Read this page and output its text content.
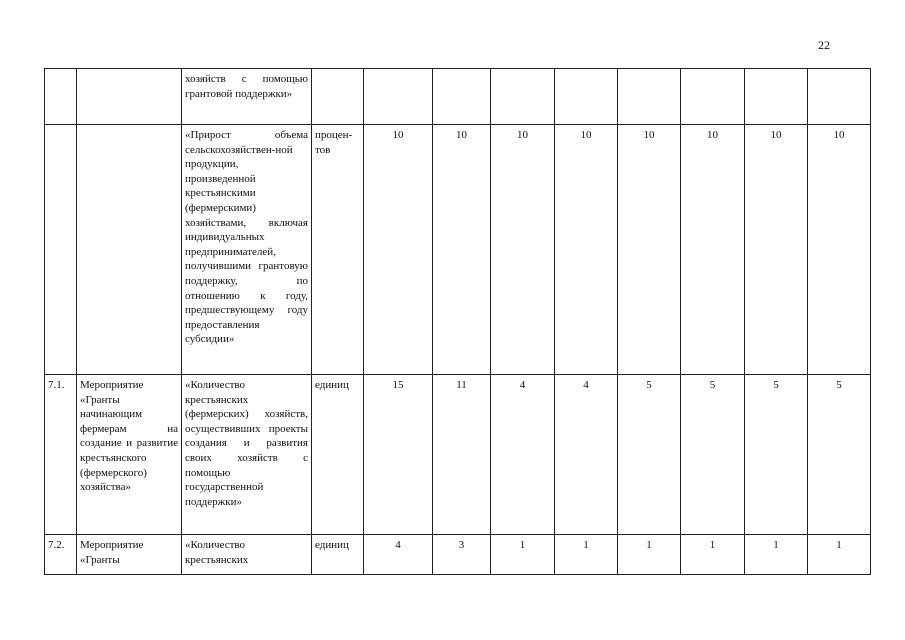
22
		хозяйств с помощью грантовой поддержки»									
		«Прирост объема сельскохозяйствен-ной продукции, произведенной крестьянскими (фермерскими) хозяйствами, включая индивидуальных предпринимателей, получившими грантовую поддержку, по отношению к году, предшествующему году предоставления субсидии»	процен-тов	10	10	10	10	10	10	10	10
7.1.	Мероприятие «Гранты начинающим фермерам на создание и развитие крестьянского (фермерского) хозяйства»	«Количество крестьянских (фермерских) хозяйств, осуществивших проекты создания и развития своих хозяйств с помощью государственной поддержки»	единиц	15	11	4	4	5	5	5	5
7.2.	Мероприятие «Гранты	«Количество крестьянских	единиц	4	3	1	1	1	1	1	1
